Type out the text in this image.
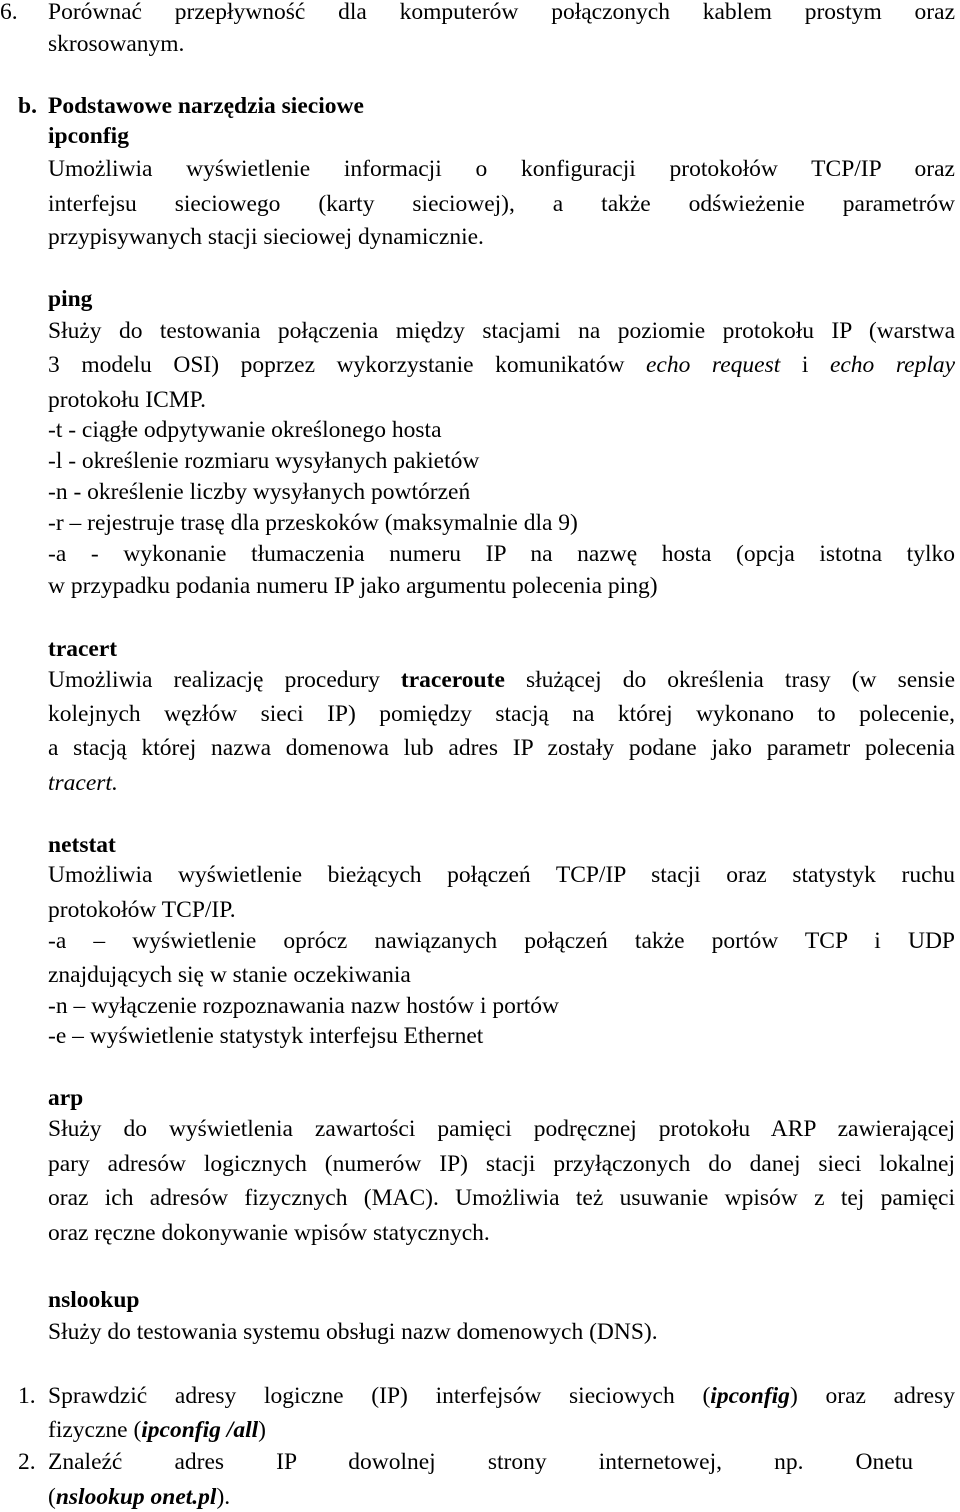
6. Porównać przepływność dla komputerów połączonych kablem prostym oraz
skrosowanym.
b. Podstawowe narzędzia sieciowe
ipconfig
Umożliwia wyświetlenie informacji o konfiguracji protokołów TCP/IP oraz
interfejsu sieciowego (karty sieciowej), a także odświeżenie parametrów
przypisywanych stacji sieciowej dynamicznie.
ping
Służy do testowania połączenia między stacjami na poziomie protokołu IP (warstwa
3 modelu OSI) poprzez wykorzystanie komunikatów echo request i echo replay
protokołu ICMP.
-t - ciągłe odpytywanie określonego hosta
-l - określenie rozmiaru wysyłanych pakietów
-n - określenie liczby wysyłanych powtórzeń
-r – rejestruje trasę dla przeskoków (maksymalnie dla 9)
-a - wykonanie tłumaczenia numeru IP na nazwę hosta (opcja istotna tylko
w przypadku podania numeru IP jako argumentu polecenia ping)
tracert
Umożliwia realizację procedury traceroute służącej do określenia trasy (w sensie
kolejnych węzłów sieci IP) pomiędzy stacją na której wykonano to polecenie,
a stacją której nazwa domenowa lub adres IP zostały podane jako parametr polecenia
tracert.
netstat
Umożliwia wyświetlenie bieżących połączeń TCP/IP stacji oraz statystyk ruchu
protokołów TCP/IP.
-a – wyświetlenie oprócz nawiązanych połączeń także portów TCP i UDP
znajdujących się w stanie oczekiwania
-n – wyłączenie rozpoznawania nazw hostów i portów
-e – wyświetlenie statystyk interfejsu Ethernet
arp
Służy do wyświetlenia zawartości pamięci podręcznej protokołu ARP zawierającej
pary adresów logicznych (numerów IP) stacji przyłączonych do danej sieci lokalnej
oraz ich adresów fizycznych (MAC). Umożliwia też usuwanie wpisów z tej pamięci
oraz ręczne dokonywanie wpisów statycznych.
nslookup
Służy do testowania systemu obsługi nazw domenowych (DNS).
1. Sprawdzić adresy logiczne (IP) interfejsów sieciowych (ipconfig) oraz adresy
fizyczne (ipconfig /all)
2. Znaleźć adres IP dowolnej strony internetowej, np. Onetu
(nslookup onet.pl).
